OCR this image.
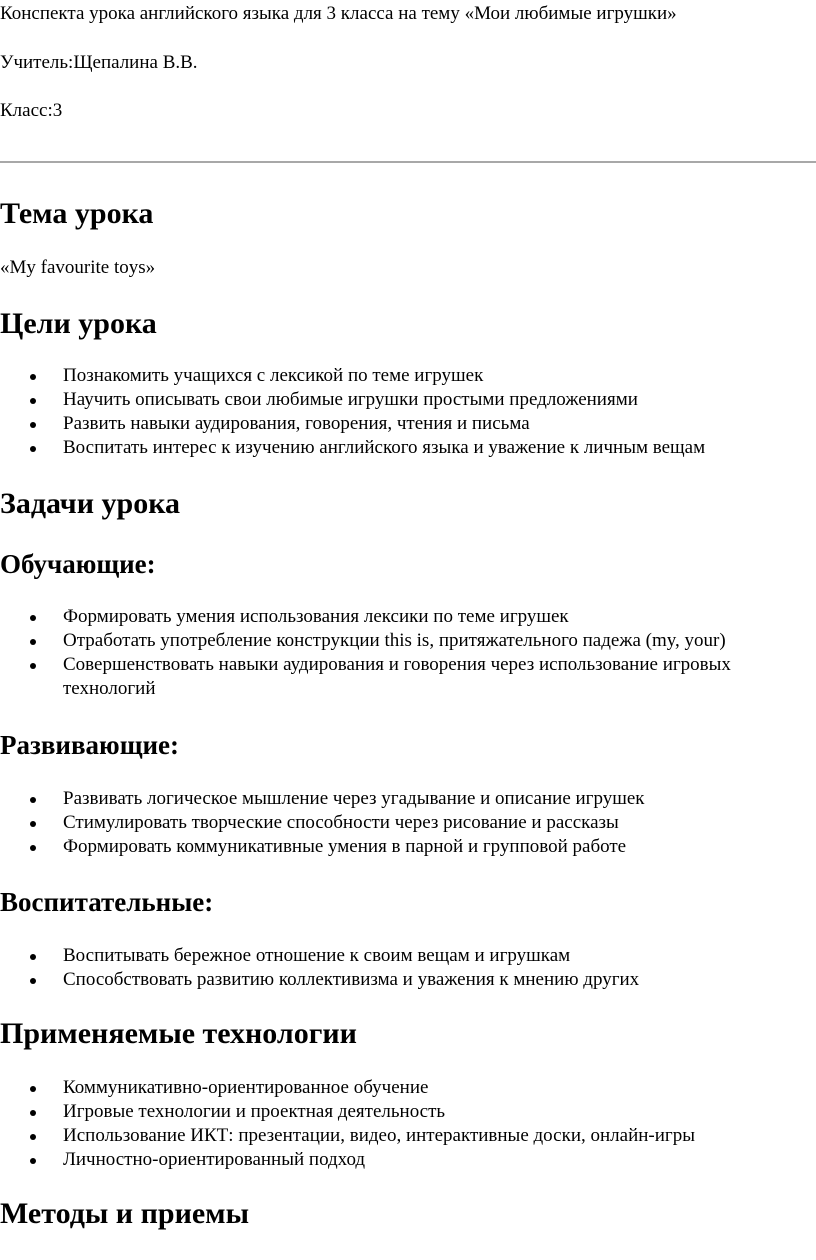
Конспекта урока английского языка для 3 класса на тему «Мои любимые игрушки»
Учитель:Щепалина В.В.
Класс:3
Тема урока
«My favourite toys»
Цели урока
Познакомить учащихся с лексикой по теме игрушек
Научить описывать свои любимые игрушки простыми предложениями
Развить навыки аудирования, говорения, чтения и письма
Воспитать интерес к изучению английского языка и уважение к личным вещам
Задачи урока
Обучающие:
Формировать умения использования лексики по теме игрушек
Отработать употребление конструкции this is, притяжательного падежа (my, your)
Совершенствовать навыки аудирования и говорения через использование игровых технологий
Развивающие:
Развивать логическое мышление через угадывание и описание игрушек
Стимулировать творческие способности через рисование и рассказы
Формировать коммуникативные умения в парной и групповой работе
Воспитательные:
Воспитывать бережное отношение к своим вещам и игрушкам
Способствовать развитию коллективизма и уважения к мнению других
Применяемые технологии
Коммуникативно-ориентированное обучение
Игровые технологии и проектная деятельность
Использование ИКТ: презентации, видео, интерактивные доски, онлайн-игры
Личностно-ориентированный подход
Методы и приемы
